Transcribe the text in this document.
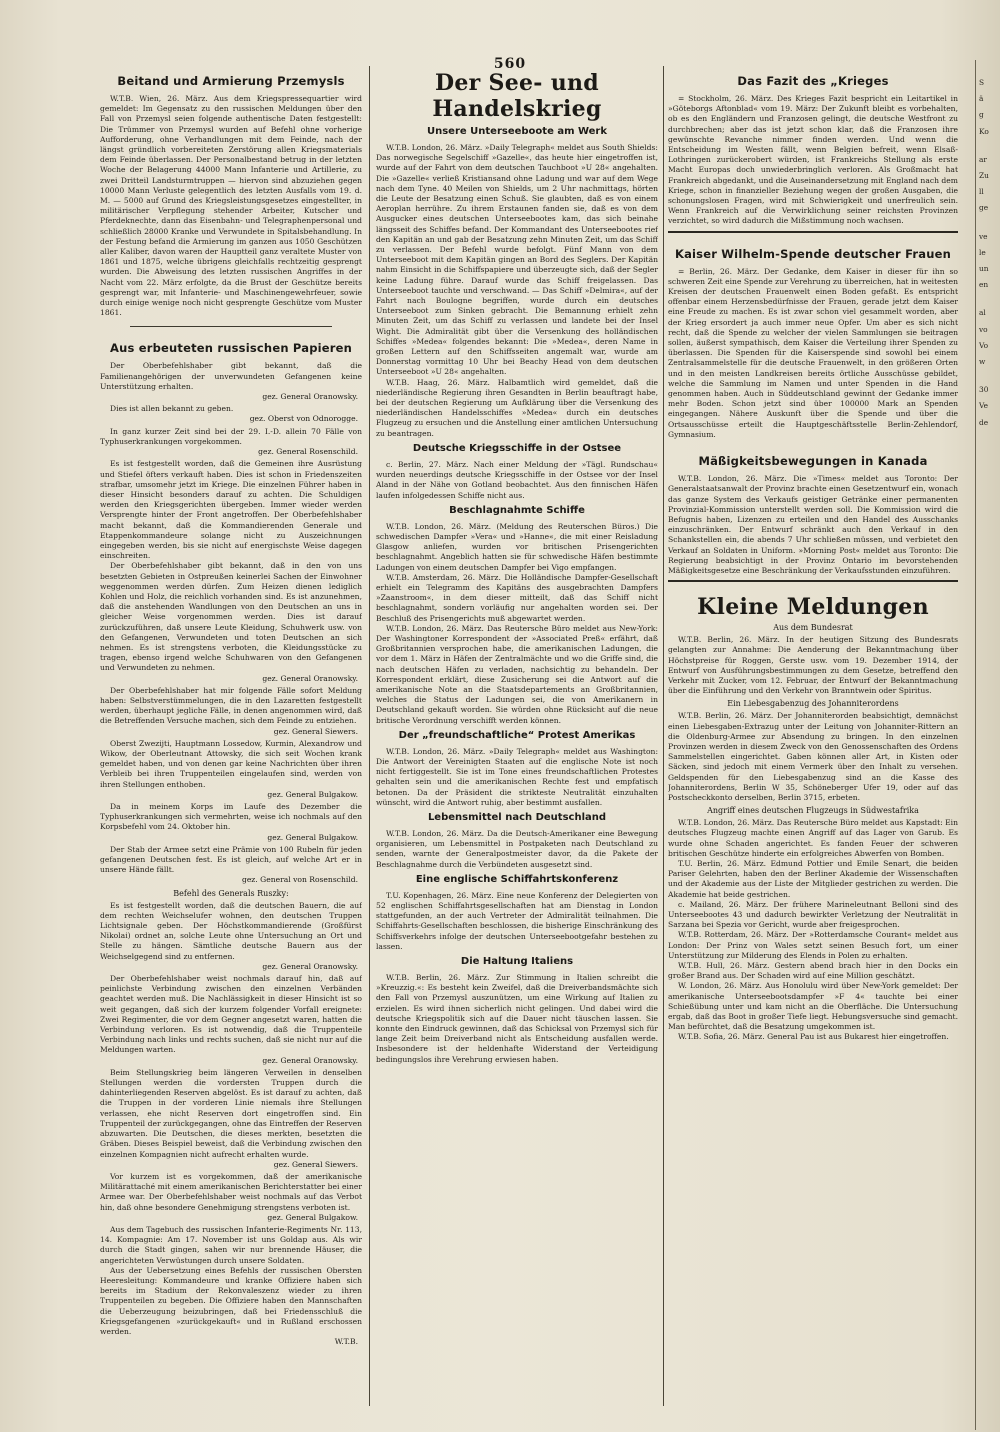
560
Beitand und Armierung Przemysls

W.T.B. Wien, 26. März. Aus dem Kriegspressequartier wird gemeldet: Im Gegensatz zu den russischen Meldungen über den Fall von Przemysl seien folgende authentische Daten festgestellt: Die Trümmer von Przemysl wurden auf Befehl ohne vorherige Aufforderung, ohne Verhandlungen mit dem Feinde, nach der längst gründlich vorbereiteten Zerstörung allen Kriegsmaterials dem Feinde überlassen. Der Personalbestand betrug in der letzten Woche der Belagerung 44000 Mann Infanterie und Artillerie, zu zwei Dritteil Landsturmtruppen — hiervon sind abzuziehen gegen 10000 Mann Verluste gelegentlich des letzten Ausfalls vom 19. d. M. — 5000 auf Grund des Kriegsleistungsgesetzes eingestellter, in militärischer Verpflegung stehender Arbeiter, Kutscher und Pferdeknechte, dann das Eisenbahn- und Telegraphenpersonal und schließlich 28000 Kranke und Verwundete in Spitalsbehandlung. In der Festung befand die Armierung im ganzen aus 1050 Geschützen aller Kaliber, davon waren der Hauptteil ganz veraltete Muster von 1861 und 1875, welche übrigens gleichfalls rechtzeitig gesprengt wurden. Die Abweisung des letzten russischen Angriffes in der Nacht vom 22. März erfolgte, da die Brust der Geschütze bereits gesprengt war, mit Infanterie- und Maschinengewehrfeuer, sowie durch einige wenige noch nicht gesprengte Geschütze vom Muster 1861.

Aus erbeuteten russischen Papieren

Der Oberbefehlshaber gibt bekannt, daß die Familienangehörigen der unverwundeten Gefangenen keine Unterstützung erhalten.

gez. General Oranowsky.

Dies ist allen bekannt zu geben.

gez. Oberst von Odnorogge.

In ganz kurzer Zeit sind bei der 29. I.-D. allein 70 Fälle von Typhuserkrankungen vorgekommen.

gez. General Rosenschild.

Es ist festgestellt worden, daß die Gemeinen ihre Ausrüstung und Stiefel öfters verkauft haben. Dies ist schon in Friedenszeiten strafbar, umsomehr jetzt im Kriege. Die einzelnen Führer haben in dieser Hinsicht besonders darauf zu achten. Die Schuldigen werden den Kriegsgerichten übergeben. Immer wieder werden Versprengte hinter der Front angetroffen. Der Oberbefehlshaber macht bekannt, daß die Kommandierenden Generale und Etappenkommandeure solange nicht zu Auszeichnungen eingegeben werden, bis sie nicht auf energischste Weise dagegen einschreiten.

Der Oberbefehlshaber gibt bekannt, daß in den von uns besetzten Gebieten in Ostpreußen keinerlei Sachen der Einwohner weggenommen werden dürfen. Zum Heizen dienen lediglich Kohlen und Holz, die reichlich vorhanden sind. Es ist anzunehmen, daß die anstehenden Wandlungen von den Deutschen an uns in gleicher Weise vorgenommen werden. Dies ist darauf zurückzuführen, daß unsere Leute Kleidung, Schuhwerk usw. von den Gefangenen, Verwundeten und toten Deutschen an sich nehmen. Es ist strengstens verboten, die Kleidungsstücke zu tragen, ebenso irgend welche Schuhwaren von den Gefangenen und Verwundeten zu nehmen.

gez. General Oranowsky.

Der Oberbefehlshaber hat mir folgende Fälle sofort Meldung haben: Selbstverstümmelungen, die in den Lazaretten festgestellt werden, überhaupt jegliche Fälle, in denen angenommen wird, daß die Betreffenden Versuche machen, sich dem Feinde zu entziehen.

gez. General Siewers.

Oberst Zwezijti, Hauptmann Lossedow, Kurmin, Alexandrow und Wikow, der Oberleutnant Attowsky, die sich seit Wochen krank gemeldet haben, und von denen gar keine Nachrichten über ihren Verbleib bei ihren Truppenteilen eingelaufen sind, werden von ihren Stellungen enthoben.

gez. General Bulgakow.

Da in meinem Korps im Laufe des Dezember die Typhuserkrankungen sich vermehrten, weise ich nochmals auf den Korpsbefehl vom 24. Oktober hin.

gez. General Bulgakow.

Der Stab der Armee setzt eine Prämie von 100 Rubeln für jeden gefangenen Deutschen fest. Es ist gleich, auf welche Art er in unsere Hände fällt.

gez. General von Rosenschild.
Befehl des Generals Ruszky:

Es ist festgestellt worden, daß die deutschen Bauern, die auf dem rechten Weichselufer wohnen, den deutschen Truppen Lichtsignale geben. Der Höchstkommandierende (Großfürst Nikolai) ordnet an, solche Leute ohne Untersuchung an Ort und Stelle zu hängen. Sämtliche deutsche Bauern aus der Weichselgegend sind zu entfernen.

gez. General Oranowsky.

Der Oberbefehlshaber weist nochmals darauf hin, daß auf peinlichste Verbindung zwischen den einzelnen Verbänden geachtet werden muß. Die Nachlässigkeit in dieser Hinsicht ist so weit gegangen, daß sich der kurzem folgender Vorfall ereignete: Zwei Regimenter, die vor dem Gegner angesetzt waren, hatten die Verbindung verloren. Es ist notwendig, daß die Truppenteile Verbindung nach links und rechts suchen, daß sie nicht nur auf die Meldungen warten.

gez. General Oranowsky.

Beim Stellungskrieg beim längeren Verweilen in denselben Stellungen werden die vordersten Truppen durch die dahinterliegenden Reserven abgelöst. Es ist darauf zu achten, daß die Truppen in der vorderen Linie niemals ihre Stellungen verlassen, ehe nicht Reserven dort eingetroffen sind. Ein Truppenteil der zurückgegangen, ohne das Eintreffen der Reserven abzuwarten. Die Deutschen, die dieses merkten, besetzten die Gräben. Dieses Beispiel beweist, daß die Verbindung zwischen den einzelnen Kompagnien nicht aufrecht erhalten wurde.

gez. General Siewers.

Vor kurzem ist es vorgekommen, daß der amerikanische Militärattaché mit einem amerikanischen Berichterstatter bei einer Armee war. Der Oberbefehlshaber weist nochmals auf das Verbot hin, daß ohne besondere Genehmigung strengstens verboten ist.

gez. General Bulgakow.

Aus dem Tagebuch des russischen Infanterie-Regiments Nr. 113, 14. Kompagnie: Am 17. November ist uns Goldap aus. Als wir durch die Stadt gingen, sahen wir nur brennende Häuser, die angerichteten Verwüstungen durch unsere Soldaten.

Aus der Uebersetzung eines Befehls der russischen Obersten Heeresleitung: Kommandeure und kranke Offiziere haben sich bereits im Stadium der Rekonvaleszenz wieder zu ihren Truppenteilen zu begeben. Die Offiziere haben den Mannschaften die Ueberzeugung beizubringen, daß bei Friedensschluß die Kriegsgefangenen »zurückgekauft« und in Rußland erschossen werden.

W.T.B.
Der See- und Handelskrieg
Unsere Unterseeboote am Werk

W.T.B. London, 26. März. »Daily Telegraph« meldet aus South Shields: Das norwegische Segelschiff »Gazelle«, das heute hier eingetroffen ist, wurde auf der Fahrt von dem deutschen Tauchboot »U 28« angehalten. Die »Gazelle« verließ Kristiansand ohne Ladung und war auf dem Wege nach dem Tyne. 40 Meilen von Shields, um 2 Uhr nachmittags, hörten die Leute der Besatzung einen Schuß. Sie glaubten, daß es von einem Aeroplan herrühre. Zu ihrem Erstaunen fanden sie, daß es von dem Ausgucker eines deutschen Unterseebootes kam, das sich beinahe längsseit des Schiffes befand. Der Kommandant des Unterseebootes rief den Kapitän an und gab der Besatzung zehn Minuten Zeit, um das Schiff zu verlassen. Der Befehl wurde befolgt. Fünf Mann von dem Unterseeboot mit dem Kapitän gingen an Bord des Seglers. Der Kapitän nahm Einsicht in die Schiffspapiere und überzeugte sich, daß der Segler keine Ladung führe. Darauf wurde das Schiff freigelassen. Das Unterseeboot tauchte und verschwand. — Das Schiff »Delmira«, auf der Fahrt nach Boulogne begriffen, wurde durch ein deutsches Unterseeboot zum Sinken gebracht. Die Bemannung erhielt zehn Minuten Zeit, um das Schiff zu verlassen und landete bei der Insel Wight. Die Admiralität gibt über die Versenkung des holländischen Schiffes »Medea« folgendes bekannt: Die »Medea«, deren Name in großen Lettern auf den Schiffsseiten angemalt war, wurde am Donnerstag vormittag 10 Uhr bei Beachy Head von dem deutschen Unterseeboot »U 28« angehalten.

W.T.B. Haag, 26. März. Halbamtlich wird gemeldet, daß die niederländische Regierung ihren Gesandten in Berlin beauftragt habe, bei der deutschen Regierung um Aufklärung über die Versenkung des niederländischen Handelsschiffes »Medea« durch ein deutsches Flugzeug zu ersuchen und die Anstellung einer amtlichen Untersuchung zu beantragen.

Deutsche Kriegsschiffe in der Ostsee

c. Berlin, 27. März. Nach einer Meldung der »Tägl. Rundschau« wurden neuerdings deutsche Kriegsschiffe in der Ostsee vor der Insel Aland in der Nähe von Gotland beobachtet. Aus den finnischen Häfen laufen infolgedessen Schiffe nicht aus.

Beschlagnahmte Schiffe

W.T.B. London, 26. März. (Meldung des Reuterschen Büros.) Die schwedischen Dampfer »Vera« und »Hanne«, die mit einer Reisladung Glasgow anliefen, wurden vor britischen Prisengerichten beschlagnahmt. Angeblich hatten sie für schwedische Häfen bestimmte Ladungen von einem deutschen Dampfer bei Vigo empfangen.

W.T.B. Amsterdam, 26. März. Die Holländische Dampfer-Gesellschaft erhielt ein Telegramm des Kapitäns des ausgebrachten Dampfers »Zaanstroom«, in dem dieser mitteilt, daß das Schiff nicht beschlagnahmt, sondern vorläufig nur angehalten worden sei. Der Beschluß des Prisengerichts muß abgewartet werden.

W.T.B. London, 26. März. Das Reutersche Büro meldet aus New-York: Der Washingtoner Korrespondent der »Associated Preß« erfährt, daß Großbritannien versprochen habe, die amerikanischen Ladungen, die vor dem 1. März in Häfen der Zentralmächte und wo die Griffe sind, die nach deutschen Häfen zu verladen, nachsichtig zu behandeln. Der Korrespondent erklärt, diese Zusicherung sei die Antwort auf die amerikanische Note an die Staatsdepartements an Großbritannien, welches die Status der Ladungen sei, die von Amerikanern in Deutschland gekauft worden. Sie würden ohne Rücksicht auf die neue britische Verordnung verschifft werden können.

Der „freundschaftliche“ Protest Amerikas

W.T.B. London, 26. März. »Daily Telegraph« meldet aus Washington: Die Antwort der Vereinigten Staaten auf die englische Note ist noch nicht fertiggestellt. Sie ist im Tone eines freundschaftlichen Protestes gehalten sein und die amerikanischen Rechte fest und empfatisch betonen. Da der Präsident die strikteste Neutralität einzuhalten wünscht, wird die Antwort ruhig, aber bestimmt ausfallen.

Lebensmittel nach Deutschland

W.T.B. London, 26. März. Da die Deutsch-Amerikaner eine Bewegung organisieren, um Lebensmittel in Postpaketen nach Deutschland zu senden, warnte der Generalpostmeister davor, da die Pakete der Beschlagnahme durch die Verbündeten ausgesetzt sind.

Eine englische Schiffahrtskonferenz

T.U. Kopenhagen, 26. März. Eine neue Konferenz der Delegierten von 52 englischen Schiffahrtsgesellschaften hat am Dienstag in London stattgefunden, an der auch Vertreter der Admiralität teilnahmen. Die Schiffahrts-Gesellschaften beschlossen, die bisherige Einschränkung des Schiffsverkehrs infolge der deutschen Unterseebootgefahr bestehen zu lassen.

Die Haltung Italiens

W.T.B. Berlin, 26. März. Zur Stimmung in Italien schreibt die »Kreuzzig.«: Es besteht kein Zweifel, daß die Dreiverbandsmächte sich den Fall von Przemysl auszunützen, um eine Wirkung auf Italien zu erzielen. Es wird ihnen sicherlich nicht gelingen. Und dabei wird die deutsche Kriegspolitik sich auf die Dauer nicht täuschen lassen. Sie konnte den Eindruck gewinnen, daß das Schicksal von Przemysl sich für lange Zeit beim Dreiverband nicht als Entscheidung ausfallen werde. Insbesondere ist der heldenhafte Widerstand der Verteidigung bedingungslos ihre Verehrung erwiesen haben.

Das Fazit des „Krieges

= Stockholm, 26. März. Des Krieges Fazit bespricht ein Leitartikel in »Göteborgs Aftonblad« vom 19. März: Der Zukunft bleibt es vorbehalten, ob es den Engländern und Franzosen gelingt, die deutsche Westfront zu durchbrechen; aber das ist jetzt schon klar, daß die Franzosen ihre gewünschte Revanche nimmer finden werden. Und wenn die Entscheidung im Westen fällt, wenn Belgien befreit, wenn Elsaß-Lothringen zurückerobert würden, ist Frankreichs Stellung als erste Macht Europas doch unwiederbringlich verloren. Als Großmacht hat Frankreich abgedankt, und die Auseinandersetzung mit England nach dem Kriege, schon in finanzieller Beziehung wegen der großen Ausgaben, die schonungslosen Fragen, wird mit Schwierigkeit und unerfreulich sein. Wenn Frankreich auf die Verwirklichung seiner reichsten Provinzen verzichtet, so wird dadurch die Mißstimmung noch wachsen.

Kaiser Wilhelm-Spende deutscher Frauen

= Berlin, 26. März. Der Gedanke, dem Kaiser in dieser für ihn so schweren Zeit eine Spende zur Verehrung zu überreichen, hat in weitesten Kreisen der deutschen Frauenwelt einen Boden gefaßt. Es entspricht offenbar einem Herzensbedürfnisse der Frauen, gerade jetzt dem Kaiser eine Freude zu machen. Es ist zwar schon viel gesammelt worden, aber der Krieg ersordert ja auch immer neue Opfer. Um aber es sich nicht recht, daß die Spende zu welcher der vielen Sammlungen sie beitragen sollen, äußerst sympathisch, dem Kaiser die Verteilung ihrer Spenden zu überlassen. Die Spenden für die Kaiserspende sind sowohl bei einem Zentralsammelstelle für die deutsche Frauenwelt, in den größeren Orten und in den meisten Landkreisen bereits örtliche Ausschüsse gebildet, welche die Sammlung im Namen und unter Spenden in die Hand genommen haben. Auch in Süddeutschland gewinnt der Gedanke immer mehr Boden. Schon jetzt sind über 100000 Mark an Spenden eingegangen. Nähere Auskunft über die Spende und über die Ortsausschüsse erteilt die Hauptgeschäftsstelle Berlin-Zehlendorf, Gymnasium.

Mäßigkeitsbewegungen in Kanada

W.T.B. London, 26. März. Die »Times« meldet aus Toronto: Der Generalstaatsanwalt der Provinz brachte einen Gesetzentwurf ein, wonach das ganze System des Verkaufs geistiger Getränke einer permanenten Provinzial-Kommission unterstellt werden soll. Die Kommission wird die Befugnis haben, Lizenzen zu erteilen und den Handel des Ausschanks einzuschränken. Der Entwurf schränkt auch den Verkauf in den Schankstellen ein, die abends 7 Uhr schließen müssen, und verbietet den Verkauf an Soldaten in Uniform. »Morning Post« meldet aus Toronto: Die Regierung beabsichtigt in der Provinz Ontario im bevorstehenden Mäßigkeitsgesetze eine Beschränkung der Verkaufsstunden einzuführen.

Kleine Meldungen
Aus dem Bundesrat

W.T.B. Berlin, 26. März. In der heutigen Sitzung des Bundesrats gelangten zur Annahme: Die Aenderung der Bekanntmachung über Höchstpreise für Roggen, Gerste usw. vom 19. Dezember 1914, der Entwurf von Ausführungsbestimmungen zu dem Gesetze, betreffend den Verkehr mit Zucker, vom 12. Februar, der Entwurf der Bekanntmachung über die Einführung und den Verkehr von Branntwein oder Spiritus.

Ein Liebesgabenzug des Johanniterordens

W.T.B. Berlin, 26. März. Der Johanniterorden beabsichtigt, demnächst einen Liebesgaben-Extrazug unter der Leitung von Johanniter-Rittern an die Oldenburg-Armee zur Absendung zu bringen. In den einzelnen Provinzen werden in diesem Zweck von den Genossenschaften des Ordens Sammelstellen eingerichtet. Gaben können aller Art, in Kisten oder Säcken, sind jedoch mit einem Vermerk über den Inhalt zu versehen. Geldspenden für den Liebesgabenzug sind an die Kasse des Johanniterordens, Berlin W 35, Schöneberger Ufer 19, oder auf das Postscheckkonto derselben, Berlin 3715, erbeten.

Angriff eines deutschen Flugzeugs in Südwestafrika

W.T.B. London, 26. März. Das Reutersche Büro meldet aus Kapstadt: Ein deutsches Flugzeug machte einen Angriff auf das Lager von Garub. Es wurde ohne Schaden angerichtet. Es fanden Feuer der schweren britischen Geschütze hinderte ein erfolgreiches Abwerfen von Bomben.

T.U. Berlin, 26. März. Edmund Pottier und Emile Senart, die beiden Pariser Gelehrten, haben den der Berliner Akademie der Wissenschaften und der Akademie aus der Liste der Mitglieder gestrichen zu werden. Die Akademie hat beide gestrichen.

c. Mailand, 26. März. Der frühere Marineleutnant Belloni sind des Unterseebootes 43 und dadurch bewirkter Verletzung der Neutralität in Sarzana bei Spezia vor Gericht, wurde aber freigesprochen.

W.T.B. Rotterdam, 26. März. Der »Rotterdamsche Courant« meldet aus London: Der Prinz von Wales setzt seinen Besuch fort, um einer Unterstützung zur Milderung des Elends in Polen zu erhalten.

W.T.B. Hull, 26. März. Gestern abend brach hier in den Docks ein großer Brand aus. Der Schaden wird auf eine Million geschätzt.

W. London, 26. März. Aus Honolulu wird über New-York gemeldet: Der amerikanische Unterseebootsdampfer »F 4« tauchte bei einer Schießübung unter und kam nicht an die Oberfläche. Die Untersuchung ergab, daß das Boot in großer Tiefe liegt. Hebungsversuche sind gemacht. Man befürchtet, daß die Besatzung umgekommen ist.

W.T.B. Sofia, 26. März. General Pau ist aus Bukarest hier eingetroffen.

S
ä
g
Ko
ar
Zu
ll
ge
ve
le
un
en
al
vo
Vo
w
30
Ve
de
